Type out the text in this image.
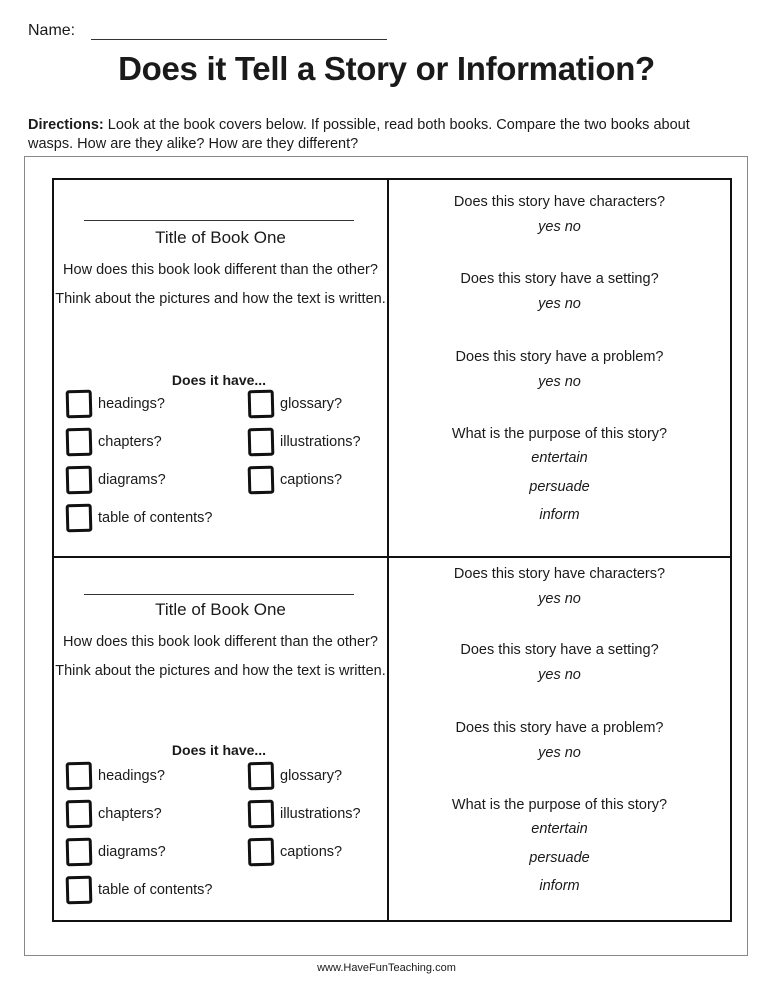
Name:
Does it Tell a Story or Information?
Directions: Look at the book covers below. If possible, read both books. Compare the two books about wasps. How are they alike? How are they different?
Title of Book One
How does this book look different than the other? Think about the pictures and how the text is written.
Does it have...
headings?
chapters?
diagrams?
table of contents?
glossary?
illustrations?
captions?
Does this story have characters?
yes no
Does this story have a setting?
yes no
Does this story have a problem?
yes no
What is the purpose of this story?
entertain
persuade
inform
Title of Book One
How does this book look different than the other? Think about the pictures and how the text is written.
Does it have...
headings?
chapters?
diagrams?
table of contents?
glossary?
illustrations?
captions?
Does this story have characters?
yes no
Does this story have a setting?
yes no
Does this story have a problem?
yes no
What is the purpose of this story?
entertain
persuade
inform
www.HaveFunTeaching.com
